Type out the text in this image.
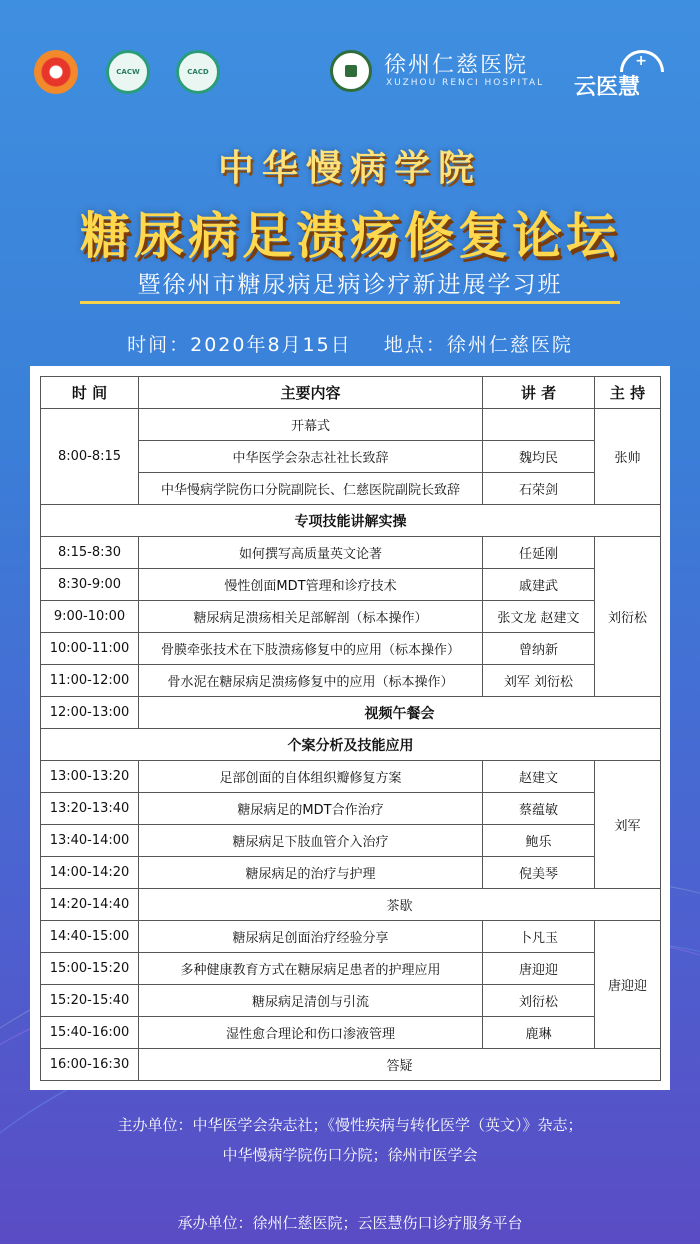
CACW	CACD	徐州仁慈医院
XUZHOU RENCI HOSPITAL
+
云医慧
中华慢病学院
糖尿病足溃疡修复论坛
暨徐州市糖尿病足病诊疗新进展学习班
时间：2020年8月15日    地点：徐州仁慈医院
时 间	主要内容	讲 者	主 持
8:00-8:15	开幕式		张帅
	中华医学会杂志社社长致辞	魏均民	
	中华慢病学院伤口分院副院长、仁慈医院副院长致辞	石荣剑	
专项技能讲解实操			
8:15-8:30	如何撰写高质量英文论著	任延刚	刘衍松
8:30-9:00	慢性创面MDT管理和诊疗技术	戚建武	
9:00-10:00	糖尿病足溃疡相关足部解剖（标本操作）	张文龙 赵建文	
10:00-11:00	骨膜牵张技术在下肢溃疡修复中的应用（标本操作）	曾纳新	
11:00-12:00	骨水泥在糖尿病足溃疡修复中的应用（标本操作）	刘军 刘衍松	
12:00-13:00	视频午餐会		
个案分析及技能应用			
13:00-13:20	足部创面的自体组织瓣修复方案	赵建文	刘军
13:20-13:40	糖尿病足的MDT合作治疗	蔡蕴敏	
13:40-14:00	糖尿病足下肢血管介入治疗	鲍乐	
14:00-14:20	糖尿病足的治疗与护理	倪美琴	
14:20-14:40	茶歇		
14:40-15:00	糖尿病足创面治疗经验分享	卜凡玉	唐迎迎
15:00-15:20	多种健康教育方式在糖尿病足患者的护理应用	唐迎迎	
15:20-15:40	糖尿病足清创与引流	刘衍松	
15:40-16:00	湿性愈合理论和伤口渗液管理	鹿琳	
16:00-16:30	答疑		
主办单位：中华医学会杂志社；《慢性疾病与转化医学（英文）》杂志；
中华慢病学院伤口分院；徐州市医学会
承办单位：徐州仁慈医院；云医慧伤口诊疗服务平台
